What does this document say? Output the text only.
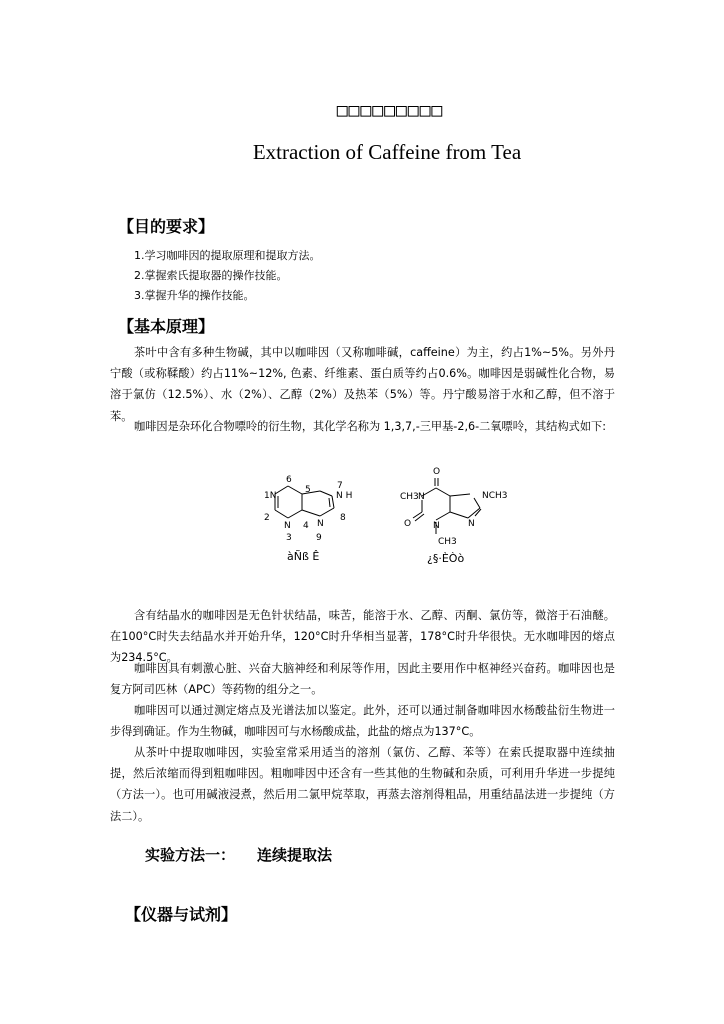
□□□□□□□□□
Extraction of Caffeine from Tea
【目的要求】
1.学习咖啡因的提取原理和提取方法。
2.掌握索氏提取器的操作技能。
3.掌握升华的操作技能。
【基本原理】

茶叶中含有多种生物碱，其中以咖啡因（又称咖啡碱，caffeine）为主，约占1%~5%。另外丹宁酸（或称鞣酸）约占11%~12%, 色素、纤维素、蛋白质等约占0.6%。咖啡因是弱碱性化合物，易溶于氯仿（12.5%）、水（2%）、乙醇（2%）及热苯（5%）等。丹宁酸易溶于水和乙醇，但不溶于苯。

咖啡因是杂环化合物嘌呤的衍生物，其化学名称为 1,3,7,-三甲基-2,6-二氧嘌呤，其结构式如下:

6
1N
2
N
3
4
5	7
N H
8
N
9
O
CH3 N	NCH3
O N
CH3
N
àÑß Ê	¿§·ÈÒò

含有结晶水的咖啡因是无色针状结晶，味苦，能溶于水、乙醇、丙酮、氯仿等，微溶于石油醚。在100°C时失去结晶水并开始升华，120°C时升华相当显著，178°C时升华很快。无水咖啡因的熔点为234.5°C。

咖啡因具有刺激心脏、兴奋大脑神经和利尿等作用，因此主要用作中枢神经兴奋药。咖啡因也是复方阿司匹林（APC）等药物的组分之一。

咖啡因可以通过测定熔点及光谱法加以鉴定。此外，还可以通过制备咖啡因水杨酸盐衍生物进一步得到确证。作为生物碱，咖啡因可与水杨酸成盐，此盐的熔点为137°C。

从茶叶中提取咖啡因，实验室常采用适当的溶剂（氯仿、乙醇、苯等）在索氏提取器中连续抽提，然后浓缩而得到粗咖啡因。粗咖啡因中还含有一些其他的生物碱和杂质，可利用升华进一步提纯（方法一）。也可用碱液浸煮，然后用二氯甲烷萃取，再蒸去溶剂得粗品，用重结晶法进一步提纯（方法二）。

实验方法一： 连续提取法
【仪器与试剂】
